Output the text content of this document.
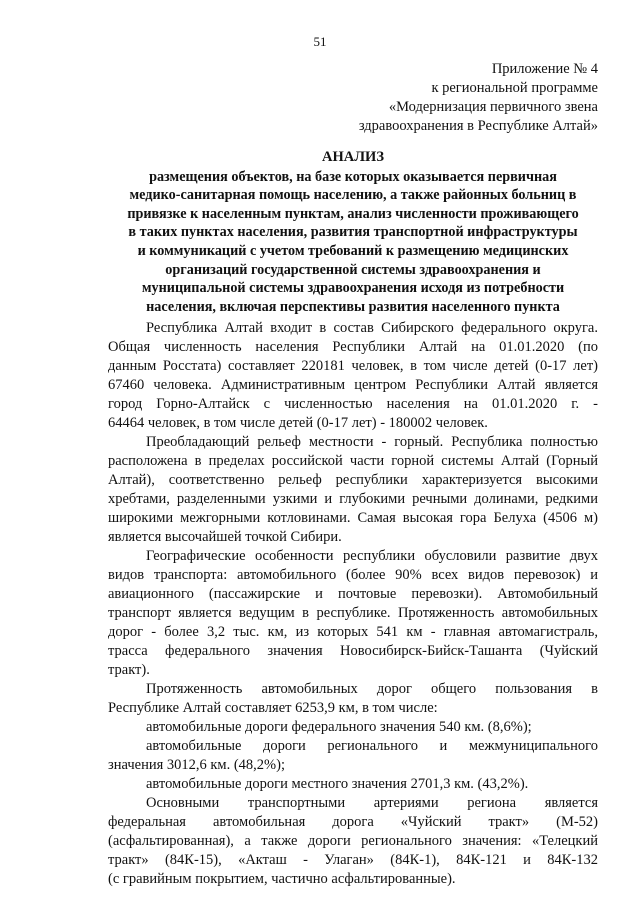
51
Приложение № 4
к региональной программе
«Модернизация первичного звена
здравоохранения в Республике Алтай»
АНАЛИЗ
размещения объектов, на базе которых оказывается первичная
медико-санитарная помощь населению, а также районных больниц в
привязке к населенным пунктам, анализ численности проживающего
в таких пунктах населения, развития транспортной инфраструктуры
и коммуникаций с учетом требований к размещению медицинских
организаций государственной системы здравоохранения и
муниципальной системы здравоохранения исходя из потребности
населения, включая перспективы развития населенного пункта
Республика Алтай входит в состав Сибирского федерального округа.
Общая численность населения Республики Алтай на 01.01.2020 (по
данным Росстата) составляет 220181 человек, в том числе детей (0-17 лет)
67460 человека. Административным центром Республики Алтай является
город Горно-Алтайск с численностью населения на 01.01.2020 г. -
64464 человек, в том числе детей (0-17 лет) - 180002 человек.
Преобладающий рельеф местности - горный. Республика полностью
расположена в пределах российской части горной системы Алтай (Горный
Алтай), соответственно рельеф республики характеризуется высокими
хребтами, разделенными узкими и глубокими речными долинами, редкими
широкими межгорными котловинами. Самая высокая гора Белуха (4506 м)
является высочайшей точкой Сибири.
Географические особенности республики обусловили развитие двух
видов транспорта: автомобильного (более 90% всех видов перевозок) и
авиационного (пассажирские и почтовые перевозки). Автомобильный
транспорт является ведущим в республике. Протяженность автомобильных
дорог - более 3,2 тыс. км, из которых 541 км - главная автомагистраль,
трасса федерального значения Новосибирск-Бийск-Ташанта (Чуйский
тракт).
Протяженность автомобильных дорог общего пользования в
Республике Алтай составляет 6253,9 км, в том числе:
автомобильные дороги федерального значения 540 км. (8,6%);
автомобильные дороги регионального и межмуниципального
значения 3012,6 км. (48,2%);
автомобильные дороги местного значения 2701,3 км. (43,2%).
Основными транспортными артериями региона является
федеральная автомобильная дорога «Чуйский тракт» (М-52)
(асфальтированная), а также дороги регионального значения: «Телецкий
тракт» (84К-15), «Акташ - Улаган» (84К-1), 84К-121 и 84К-132
(с гравийным покрытием, частично асфальтированные).
